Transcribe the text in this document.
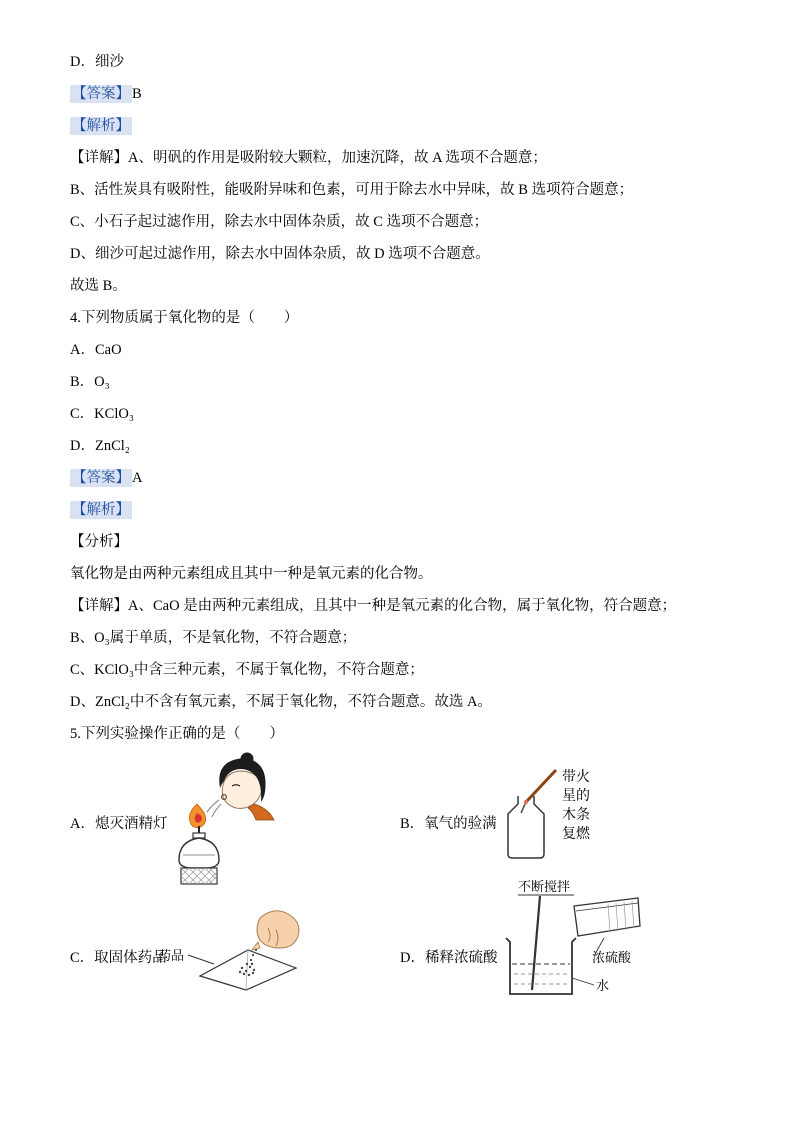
D．细沙

【答案】 B

【解析】

【详解】A、明矾的作用是吸附较大颗粒，加速沉降，故 A 选项不合题意；

B、活性炭具有吸附性，能吸附异味和色素，可用于除去水中异味，故 B 选项符合题意；

C、小石子起过滤作用，除去水中固体杂质，故 C 选项不合题意；

D、细沙可起过滤作用，除去水中固体杂质，故 D 选项不合题意。

故选 B。

4.下列物质属于氧化物的是（　　）

A．CaO

B．O₃

C．KClO₃

D．ZnCl₂

【答案】 A

【解析】

【分析】

氧化物是由两种元素组成且其中一种是氧元素的化合物。

【详解】A、CaO 是由两种元素组成，且其中一种是氧元素的化合物，属于氧化物，符合题意；

B、O₃属于单质，不是氧化物，不符合题意；

C、KClO₃中含三种元素，不属于氧化物，不符合题意；

D、ZnCl₂中不含有氧元素，不属于氧化物，不符合题意。故选 A。

5.下列实验操作正确的是（　　）

A．熄灭酒精灯	B．氧气的验满
带火
星的
木条
复燃
C．取固体药品
药品	D．稀释浓硫酸
不断搅拌
浓硫酸
水
